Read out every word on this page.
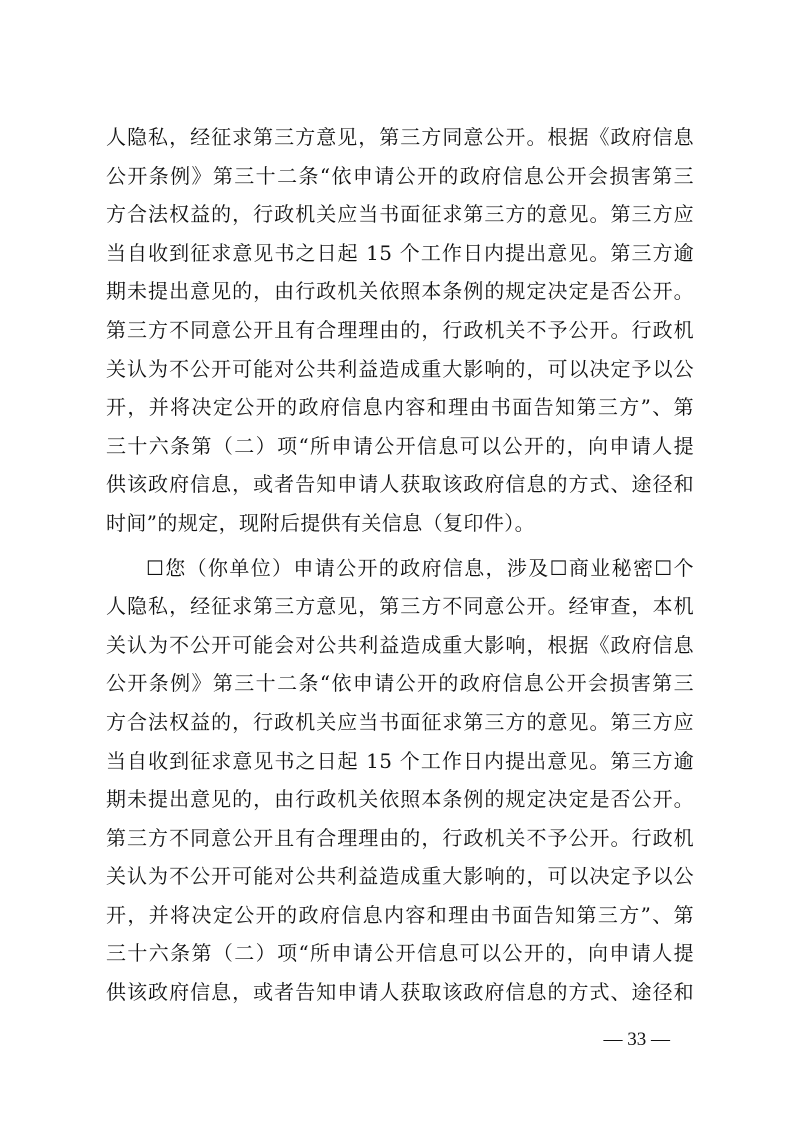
人隐私，经征求第三方意见，第三方同意公开。根据《政府信息
公开条例》第三十二条“依申请公开的政府信息公开会损害第三
方合法权益的，行政机关应当书面征求第三方的意见。第三方应
当自收到征求意见书之日起 15 个工作日内提出意见。第三方逾
期未提出意见的，由行政机关依照本条例的规定决定是否公开。
第三方不同意公开且有合理理由的，行政机关不予公开。行政机
关认为不公开可能对公共利益造成重大影响的，可以决定予以公
开，并将决定公开的政府信息内容和理由书面告知第三方”、第
三十六条第（二）项“所申请公开信息可以公开的，向申请人提
供该政府信息，或者告知申请人获取该政府信息的方式、途径和
时间”的规定，现附后提供有关信息（复印件）。
☐您（你单位）申请公开的政府信息，涉及☐商业秘密☐个
人隐私，经征求第三方意见，第三方不同意公开。经审查，本机
关认为不公开可能会对公共利益造成重大影响，根据《政府信息
公开条例》第三十二条“依申请公开的政府信息公开会损害第三
方合法权益的，行政机关应当书面征求第三方的意见。第三方应
当自收到征求意见书之日起 15 个工作日内提出意见。第三方逾
期未提出意见的，由行政机关依照本条例的规定决定是否公开。
第三方不同意公开且有合理理由的，行政机关不予公开。行政机
关认为不公开可能对公共利益造成重大影响的，可以决定予以公
开，并将决定公开的政府信息内容和理由书面告知第三方”、第
三十六条第（二）项“所申请公开信息可以公开的，向申请人提
供该政府信息，或者告知申请人获取该政府信息的方式、途径和
— 33 —
